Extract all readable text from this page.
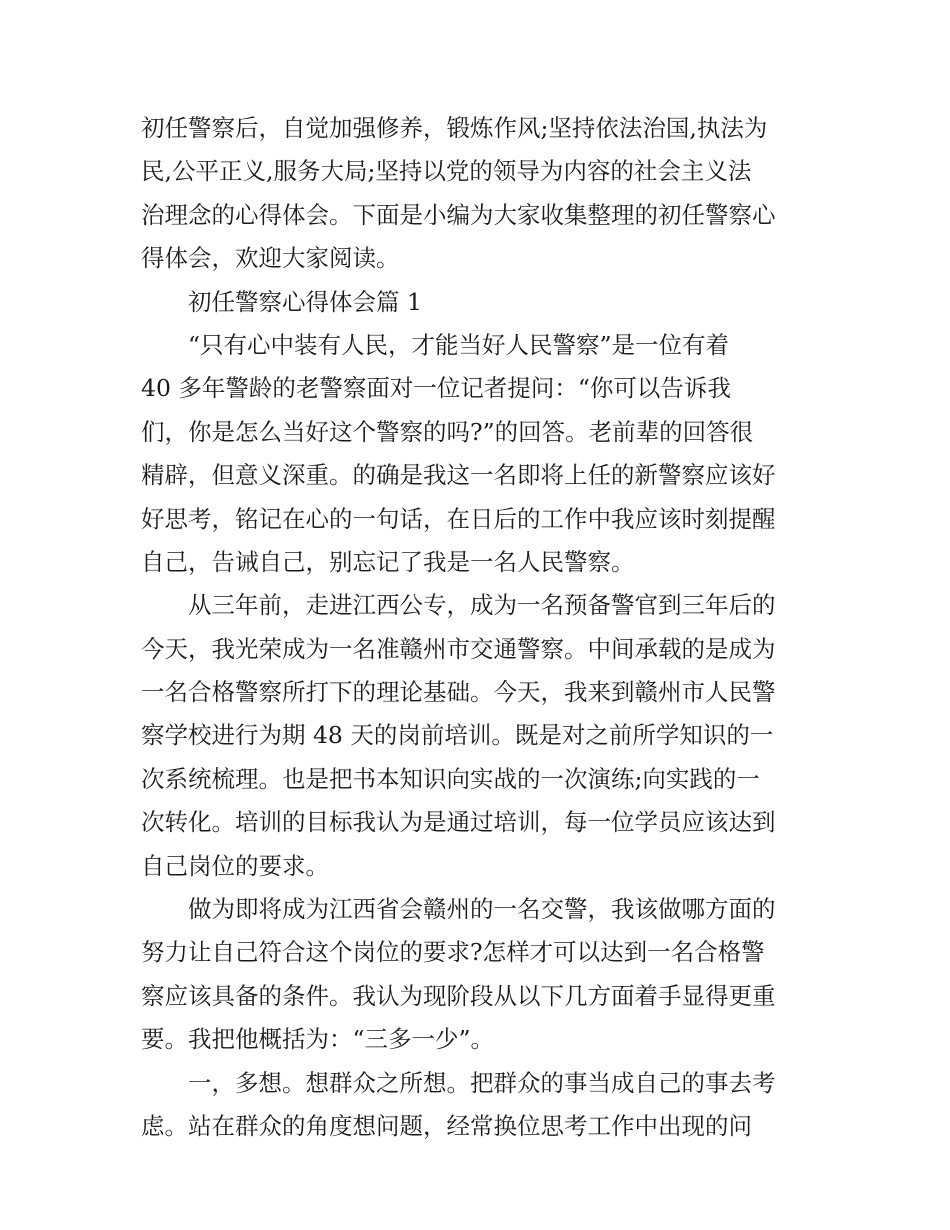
初任警察后，自觉加强修养，锻炼作风;坚持依法治国,执法为
民,公平正义,服务大局;坚持以党的领导为内容的社会主义法
治理念的心得体会。下面是小编为大家收集整理的初任警察心
得体会，欢迎大家阅读。
初任警察心得体会篇 1
“只有心中装有人民，才能当好人民警察”是一位有着
40 多年警龄的老警察面对一位记者提问：“你可以告诉我
们，你是怎么当好这个警察的吗?”的回答。老前辈的回答很
精辟，但意义深重。的确是我这一名即将上任的新警察应该好
好思考，铭记在心的一句话，在日后的工作中我应该时刻提醒
自己，告诫自己，别忘记了我是一名人民警察。
从三年前，走进江西公专，成为一名预备警官到三年后的
今天，我光荣成为一名准赣州市交通警察。中间承载的是成为
一名合格警察所打下的理论基础。今天，我来到赣州市人民警
察学校进行为期 48 天的岗前培训。既是对之前所学知识的一
次系统梳理。也是把书本知识向实战的一次演练;向实践的一
次转化。培训的目标我认为是通过培训，每一位学员应该达到
自己岗位的要求。
做为即将成为江西省会赣州的一名交警，我该做哪方面的
努力让自己符合这个岗位的要求?怎样才可以达到一名合格警
察应该具备的条件。我认为现阶段从以下几方面着手显得更重
要。我把他概括为：“三多一少”。
一，多想。想群众之所想。把群众的事当成自己的事去考
虑。站在群众的角度想问题，经常换位思考工作中出现的问
